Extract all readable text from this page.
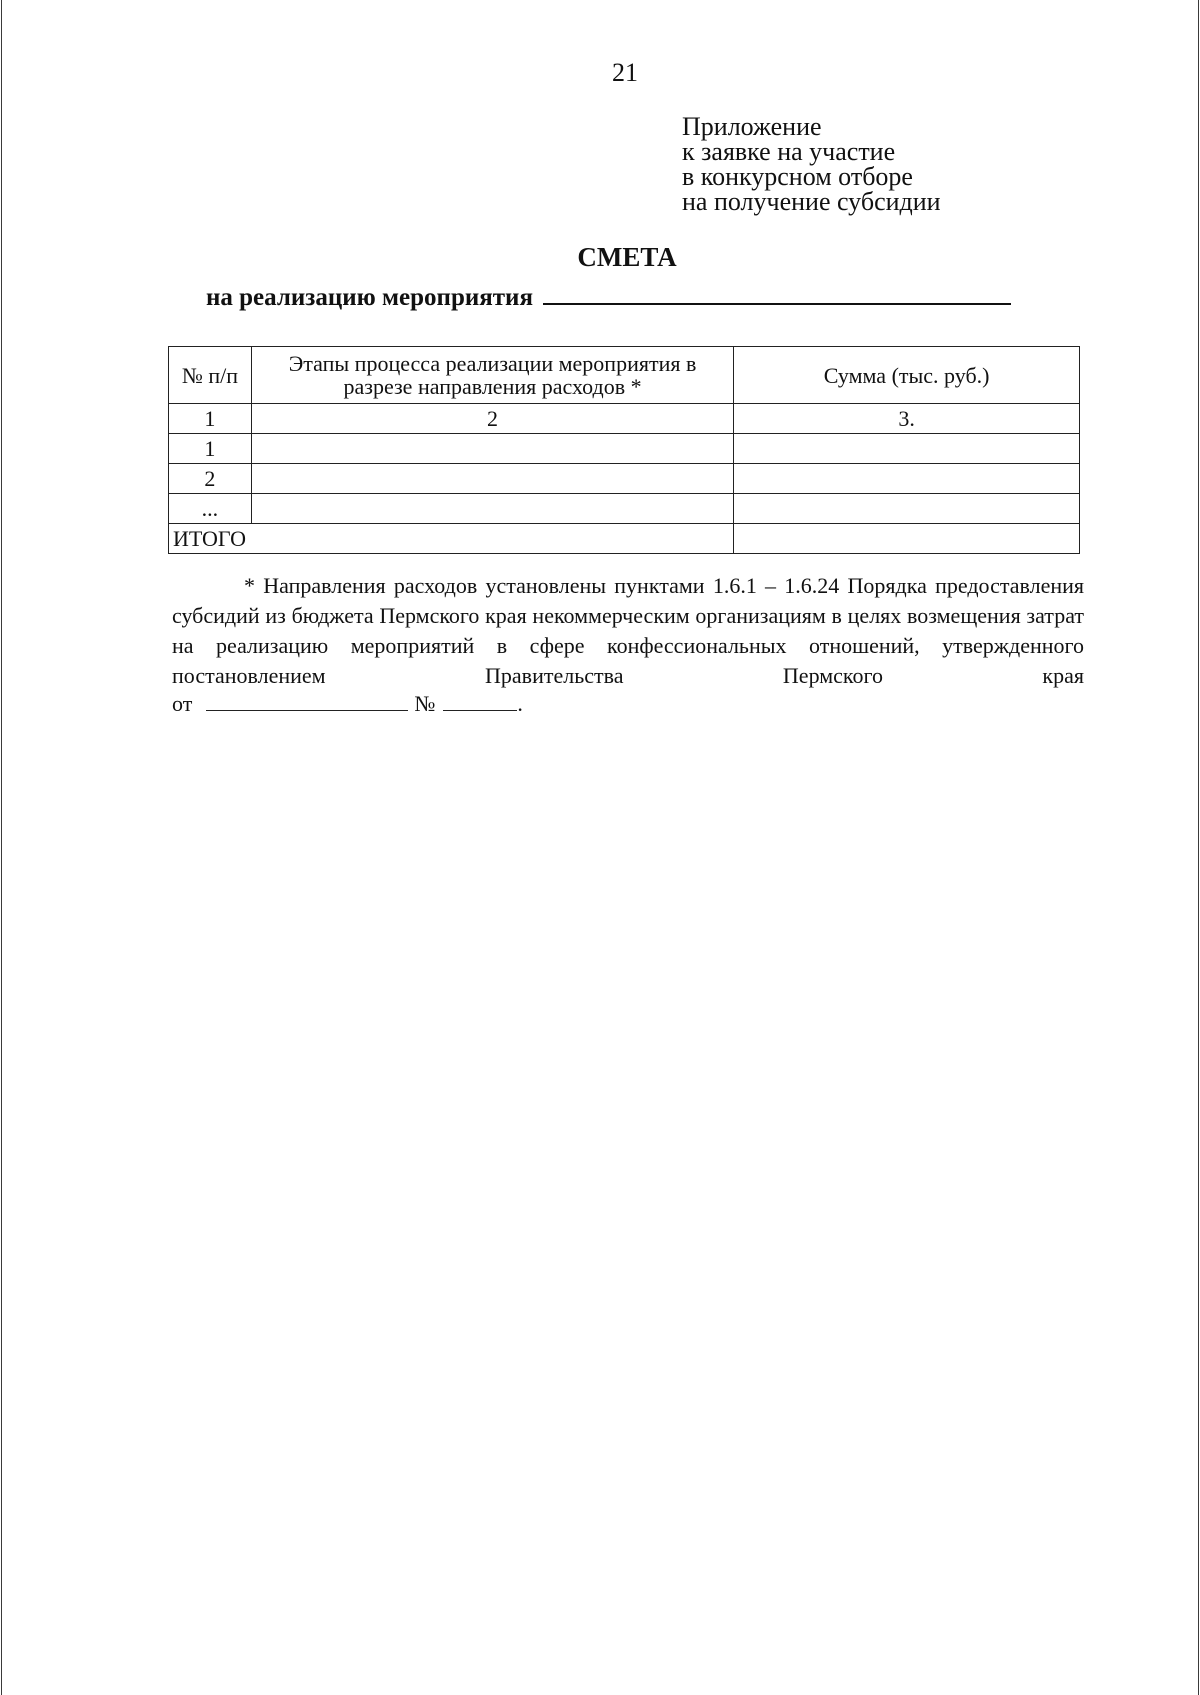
21
Приложение
к заявке на участие
в конкурсном отборе
на получение субсидии
СМЕТА
на реализацию мероприятия
№ п/п	Этапы процесса реализации мероприятия в разрезе направления расходов *	Сумма (тыс. руб.)
1	2	3.
1		
2		
...		
ИТОГО		

* Направления расходов установлены пунктами 1.6.1 – 1.6.24 Порядка предоставления субсидий из бюджета Пермского края некоммерческим организациям в целях возмещения затрат на реализацию мероприятий в сфере конфессиональных отношений, утвержденного постановлением Правительства Пермского края

от	№	.
